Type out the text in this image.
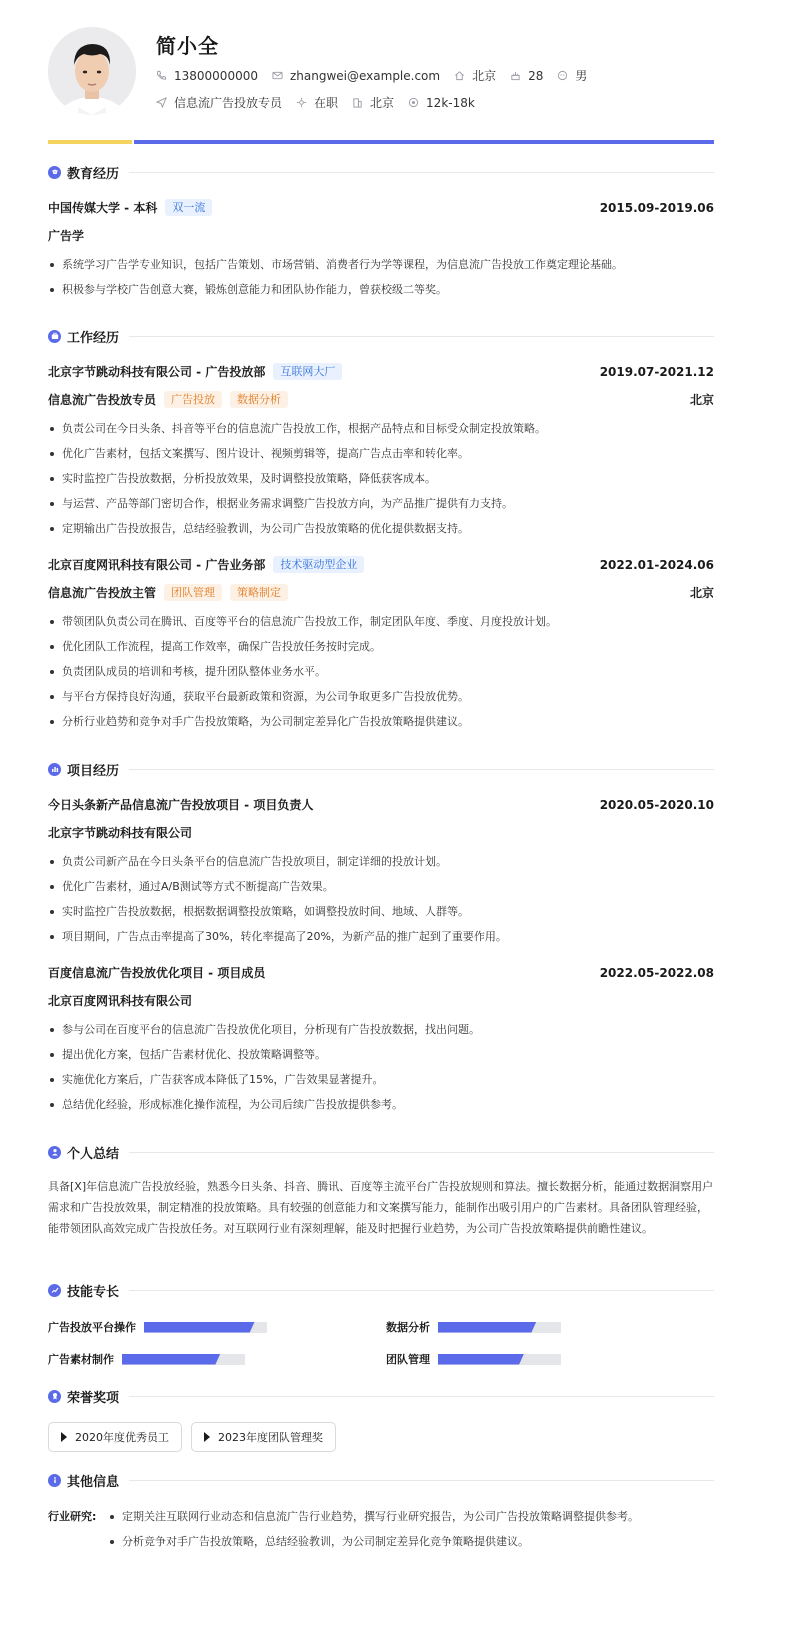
简小全
13800000000	zhangwei@example.com	北京	28	男
信息流广告投放专员	在职	北京	12k-18k
教育经历
中国传媒大学 - 本科	双一流	2015.09-2019.06
广告学
系统学习广告学专业知识，包括广告策划、市场营销、消费者行为学等课程，为信息流广告投放工作奠定理论基础。
积极参与学校广告创意大赛，锻炼创意能力和团队协作能力，曾获校级二等奖。
工作经历
北京字节跳动科技有限公司 - 广告投放部	互联网大厂	2019.07-2021.12
信息流广告投放专员	广告投放	数据分析	北京
负责公司在今日头条、抖音等平台的信息流广告投放工作，根据产品特点和目标受众制定投放策略。
优化广告素材，包括文案撰写、图片设计、视频剪辑等，提高广告点击率和转化率。
实时监控广告投放数据，分析投放效果，及时调整投放策略，降低获客成本。
与运营、产品等部门密切合作，根据业务需求调整广告投放方向，为产品推广提供有力支持。
定期输出广告投放报告，总结经验教训，为公司广告投放策略的优化提供数据支持。
北京百度网讯科技有限公司 - 广告业务部	技术驱动型企业	2022.01-2024.06
信息流广告投放主管	团队管理	策略制定	北京
带领团队负责公司在腾讯、百度等平台的信息流广告投放工作，制定团队年度、季度、月度投放计划。
优化团队工作流程，提高工作效率，确保广告投放任务按时完成。
负责团队成员的培训和考核，提升团队整体业务水平。
与平台方保持良好沟通，获取平台最新政策和资源，为公司争取更多广告投放优势。
分析行业趋势和竞争对手广告投放策略，为公司制定差异化广告投放策略提供建议。
项目经历
今日头条新产品信息流广告投放项目 - 项目负责人	2020.05-2020.10
北京字节跳动科技有限公司
负责公司新产品在今日头条平台的信息流广告投放项目，制定详细的投放计划。
优化广告素材，通过A/B测试等方式不断提高广告效果。
实时监控广告投放数据，根据数据调整投放策略，如调整投放时间、地域、人群等。
项目期间，广告点击率提高了30%，转化率提高了20%，为新产品的推广起到了重要作用。
百度信息流广告投放优化项目 - 项目成员	2022.05-2022.08
北京百度网讯科技有限公司
参与公司在百度平台的信息流广告投放优化项目，分析现有广告投放数据，找出问题。
提出优化方案，包括广告素材优化、投放策略调整等。
实施优化方案后，广告获客成本降低了15%，广告效果显著提升。
总结优化经验，形成标准化操作流程，为公司后续广告投放提供参考。
个人总结
具备[X]年信息流广告投放经验，熟悉今日头条、抖音、腾讯、百度等主流平台广告投放规则和算法。擅长数据分析，能通过数据洞察用户需求和广告投放效果，制定精准的投放策略。具有较强的创意能力和文案撰写能力，能制作出吸引用户的广告素材。具备团队管理经验，能带领团队高效完成广告投放任务。对互联网行业有深刻理解，能及时把握行业趋势，为公司广告投放策略提供前瞻性建议。
技能专长
广告投放平台操作	数据分析
广告素材制作	团队管理
荣誉奖项
2020年度优秀员工	2023年度团队管理奖
其他信息
行业研究:	定期关注互联网行业动态和信息流广告行业趋势，撰写行业研究报告，为公司广告投放策略调整提供参考。
分析竞争对手广告投放策略，总结经验教训，为公司制定差异化竞争策略提供建议。
